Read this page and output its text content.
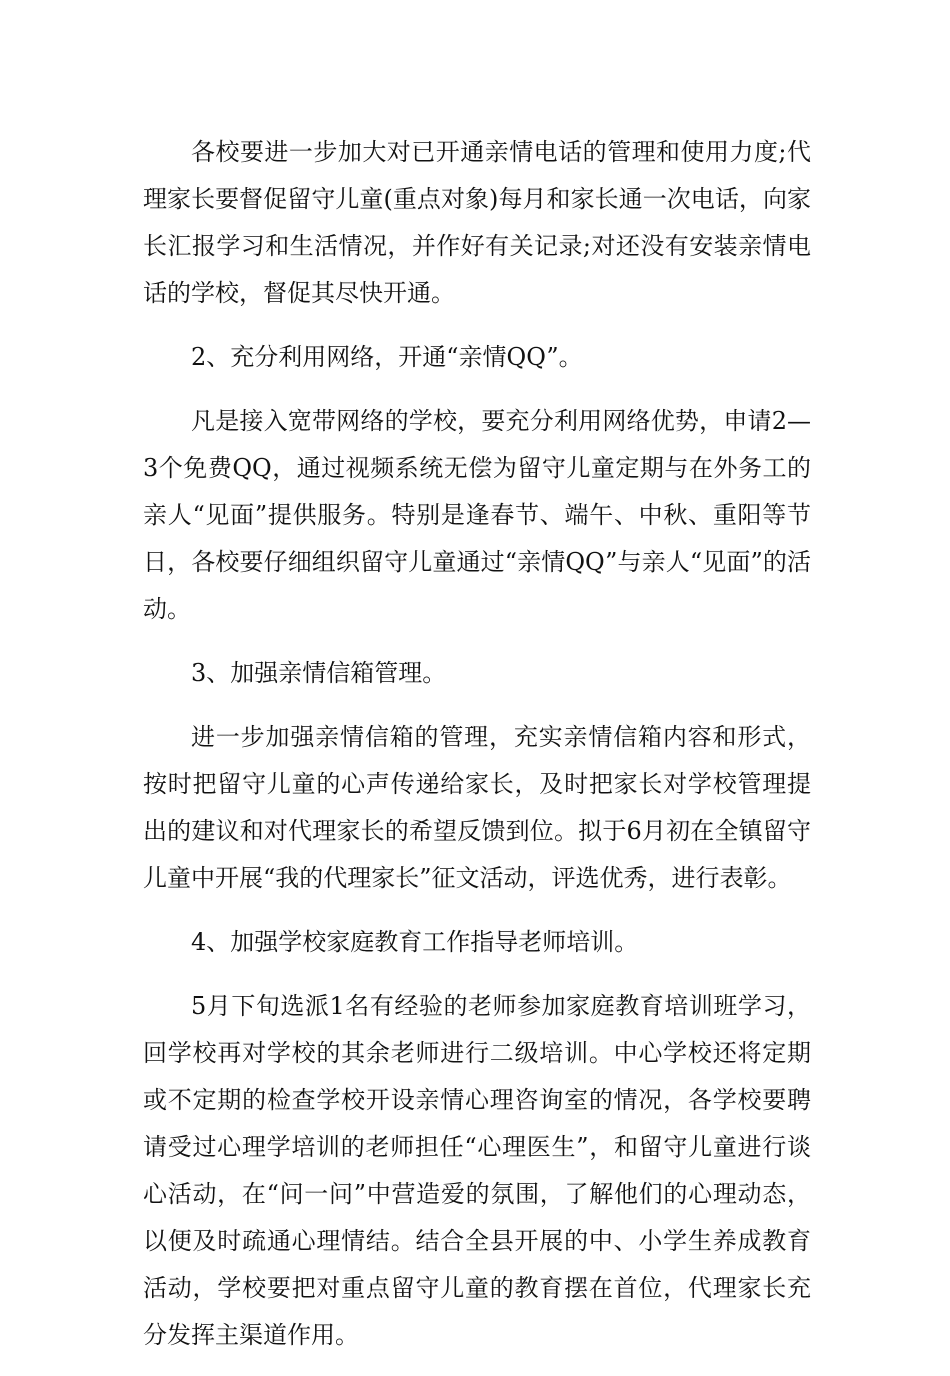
各校要进一步加大对已开通亲情电话的管理和使用力度;代理家长要督促留守儿童(重点对象)每月和家长通一次电话，向家长汇报学习和生活情况，并作好有关记录;对还没有安装亲情电话的学校，督促其尽快开通。

2、充分利用网络，开通“亲情QQ”。

凡是接入宽带网络的学校，要充分利用网络优势，申请2—3个免费QQ，通过视频系统无偿为留守儿童定期与在外务工的亲人“见面”提供服务。特别是逢春节、端午、中秋、重阳等节日，各校要仔细组织留守儿童通过“亲情QQ”与亲人“见面”的活动。

3、加强亲情信箱管理。

进一步加强亲情信箱的管理，充实亲情信箱内容和形式，按时把留守儿童的心声传递给家长，及时把家长对学校管理提出的建议和对代理家长的希望反馈到位。拟于6月初在全镇留守儿童中开展“我的代理家长”征文活动，评选优秀，进行表彰。

4、加强学校家庭教育工作指导老师培训。

5月下旬选派1名有经验的老师参加家庭教育培训班学习，回学校再对学校的其余老师进行二级培训。中心学校还将定期或不定期的检查学校开设亲情心理咨询室的情况，各学校要聘请受过心理学培训的老师担任“心理医生”，和留守儿童进行谈心活动，在“问一问”中营造爱的氛围，了解他们的心理动态，以便及时疏通心理情结。结合全县开展的中、小学生养成教育活动，学校要把对重点留守儿童的教育摆在首位，代理家长充分发挥主渠道作用。
